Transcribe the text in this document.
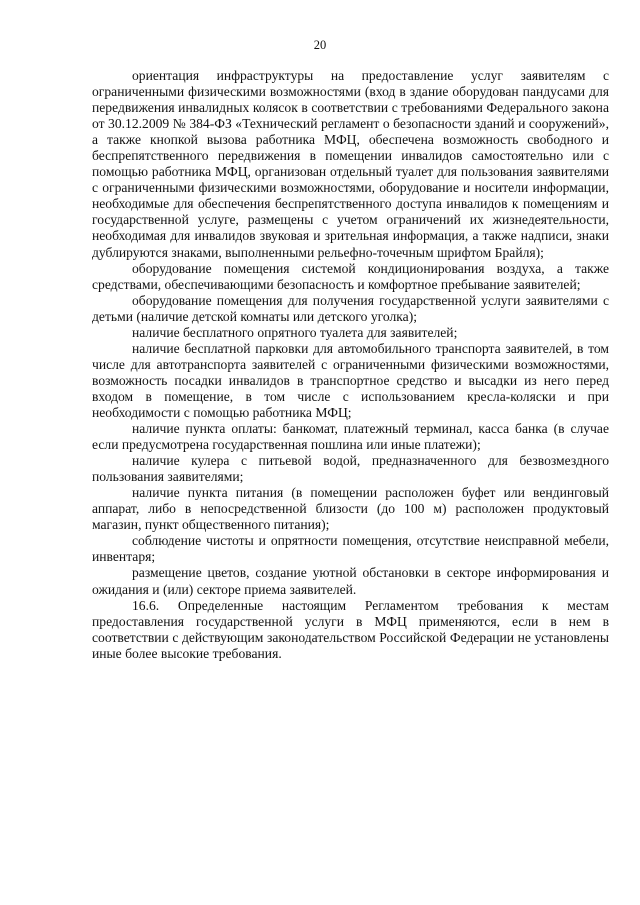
20

ориентация инфраструктуры на предоставление услуг заявителям с ограниченными физическими возможностями (вход в здание оборудован пандусами для передвижения инвалидных колясок в соответствии с требованиями Федерального закона от 30.12.2009 № 384-ФЗ «Технический регламент о безопасности зданий и сооружений», а также кнопкой вызова работника МФЦ, обеспечена возможность свободного и беспрепятственного передвижения в помещении инвалидов самостоятельно или с помощью работника МФЦ, организован отдельный туалет для пользования заявителями с ограниченными физическими возможностями, оборудование и носители информации, необходимые для обеспечения беспрепятственного доступа инвалидов к помещениям и государственной услуге, размещены с учетом ограничений их жизнедеятельности, необходимая для инвалидов звуковая и зрительная информация, а также надписи, знаки дублируются знаками, выполненными рельефно-точечным шрифтом Брайля);

оборудование помещения системой кондиционирования воздуха, а также средствами, обеспечивающими безопасность и комфортное пребывание заявителей;

оборудование помещения для получения государственной услуги заявителями с детьми (наличие детской комнаты или детского уголка);

наличие бесплатного опрятного туалета для заявителей;

наличие бесплатной парковки для автомобильного транспорта заявителей, в том числе для автотранспорта заявителей с ограниченными физическими возможностями, возможность посадки инвалидов в транспортное средство и высадки из него перед входом в помещение, в том числе с использованием кресла-коляски и при необходимости с помощью работника МФЦ;

наличие пункта оплаты: банкомат, платежный терминал, касса банка (в случае если предусмотрена государственная пошлина или иные платежи);

наличие кулера с питьевой водой, предназначенного для безвозмездного пользования заявителями;

наличие пункта питания (в помещении расположен буфет или вендинговый аппарат, либо в непосредственной близости (до 100 м) расположен продуктовый магазин, пункт общественного питания);

соблюдение чистоты и опрятности помещения, отсутствие неисправной мебели, инвентаря;

размещение цветов, создание уютной обстановки в секторе информирования и ожидания и (или) секторе приема заявителей.

16.6. Определенные настоящим Регламентом требования к местам предоставления государственной услуги в МФЦ применяются, если в нем в соответствии с действующим законодательством Российской Федерации не установлены иные более высокие требования.
